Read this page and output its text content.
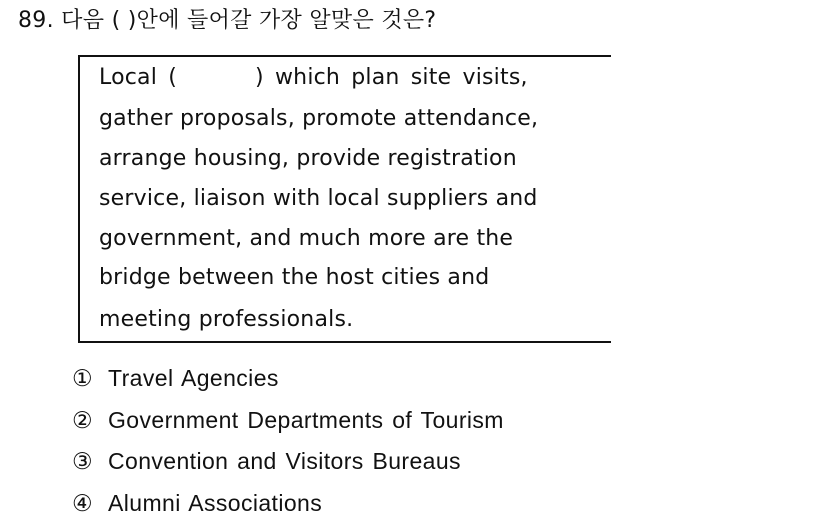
89. 다음 ( )안에 들어갈 가장 알맞은 것은?
Local (	) which plan site visits,
gather proposals, promote attendance,
arrange housing, provide registration
service, liaison with local suppliers and
government, and much more are the
bridge between the host cities and
meeting professionals.
① Travel Agencies
② Government Departments of Tourism
③ Convention and Visitors Bureaus
④ Alumni Associations
